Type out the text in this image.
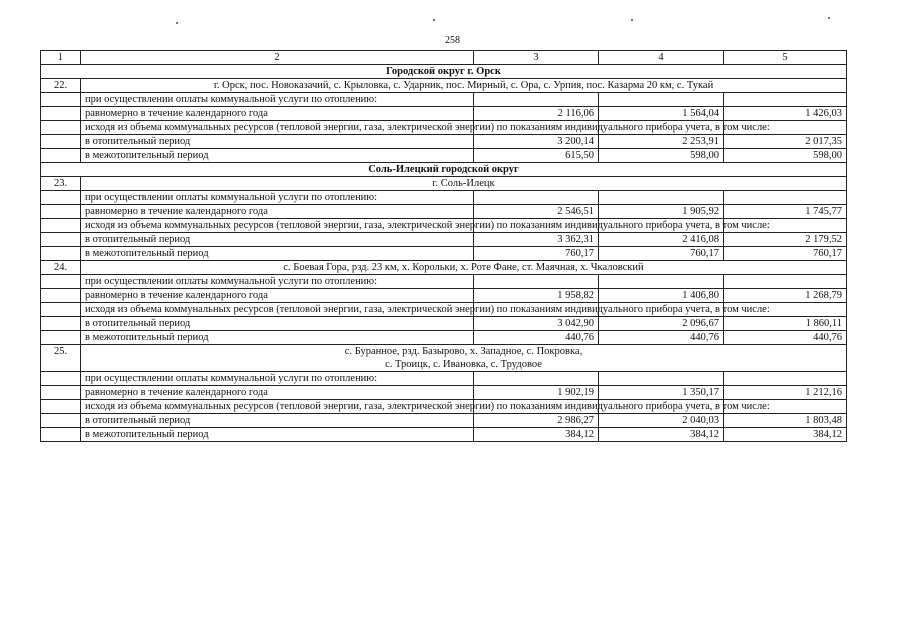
258
1	2	3	4	5
Городской округ г. Орск				
22.	г. Орск, пос. Новоказачий, с. Крыловка, с. Ударник, пос. Мирный, с. Ора, с. Урпия, пос. Казарма 20 км, с. Тукай			
	при осуществлении оплаты коммунальной услуги по отоплению:			
	равномерно в течение календарного года	2 116,06	1 564,04	1 426,03
	исходя из объема коммунальных ресурсов (тепловой энергии, газа, электрической энергии) по показаниям индивидуального прибора учета, в том числе:			
	в отопительный период	3 200,14	2 253,91	2 017,35
	в межотопительный период	615,50	598,00	598,00
Соль-Илецкий городской округ				
23.	г. Соль-Илецк			
	при осуществлении оплаты коммунальной услуги по отоплению:			
	равномерно в течение календарного года	2 546,51	1 905,92	1 745,77
	исходя из объема коммунальных ресурсов (тепловой энергии, газа, электрической энергии) по показаниям индивидуального прибора учета, в том числе:			
	в отопительный период	3 362,31	2 416,08	2 179,52
	в межотопительный период	760,17	760,17	760,17
24.	с. Боевая Гора, рзд. 23 км, х. Корольки, х. Роте Фане, ст. Маячная, х. Чкаловский			
	при осуществлении оплаты коммунальной услуги по отоплению:			
	равномерно в течение календарного года	1 958,82	1 406,80	1 268,79
	исходя из объема коммунальных ресурсов (тепловой энергии, газа, электрической энергии) по показаниям индивидуального прибора учета, в том числе:			
	в отопительный период	3 042,90	2 096,67	1 860,11
	в межотопительный период	440,76	440,76	440,76
25.	с. Буранное, рзд. Базырово, х. Западное, с. Покровка,
с. Троицк, с. Ивановка, с. Трудовое			

	при осуществлении оплаты коммунальной услуги по отоплению:			
	равномерно в течение календарного года	1 902,19	1 350,17	1 212,16
	исходя из объема коммунальных ресурсов (тепловой энергии, газа, электрической энергии) по показаниям индивидуального прибора учета, в том числе:			
	в отопительный период	2 986,27	2 040,03	1 803,48
	в межотопительный период	384,12	384,12	384,12
